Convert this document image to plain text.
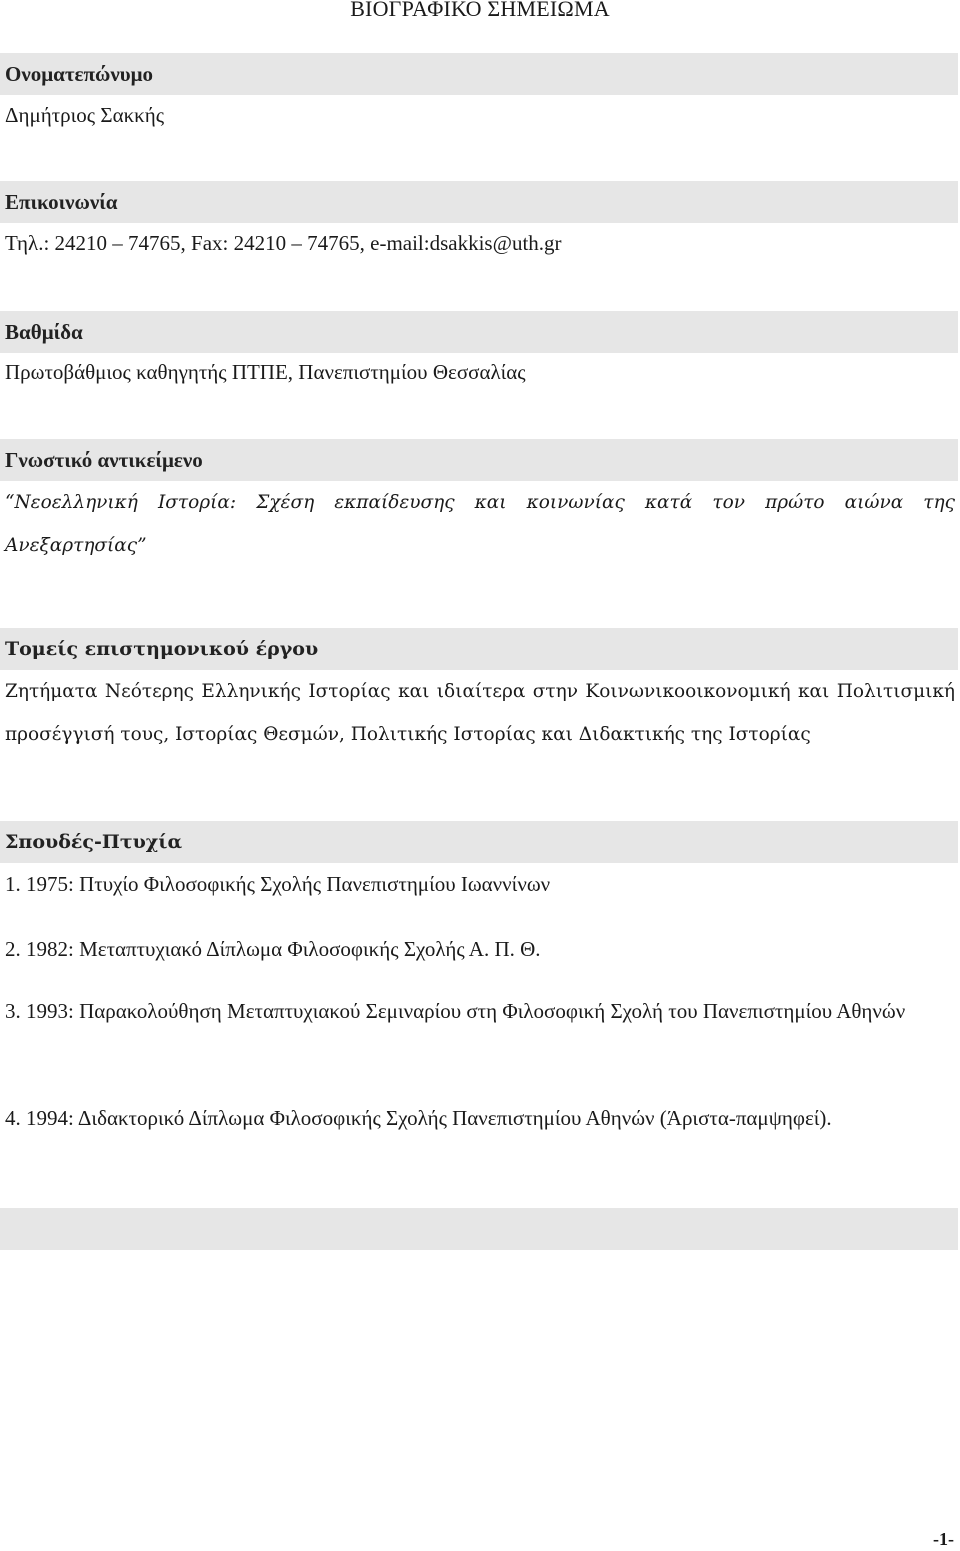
ΒΙΟΓΡΑΦΙΚΟ ΣΗΜΕΙΩΜΑ
Ονοματεπώνυμο
Δημήτριος Σακκής
Επικοινωνία
Τηλ.: 24210 – 74765, Fax: 24210 – 74765, e-mail:dsakkis@uth.gr
Βαθμίδα
Πρωτοβάθμιος καθηγητής ΠΤΠΕ, Πανεπιστημίου Θεσσαλίας
Γνωστικό αντικείμενο
“Νεοελληνική Ιστορία: Σχέση εκπαίδευσης και κοινωνίας κατά τον πρώτο αιώνα της Ανεξαρτησίας”
Τομείς επιστημονικού έργου
Ζητήματα Νεότερης Ελληνικής Ιστορίας και ιδιαίτερα στην Κοινωνικοοικονομική και Πολιτισμική προσέγγισή τους, Ιστορίας Θεσμών, Πολιτικής Ιστορίας και Διδακτικής της Ιστορίας
Σπουδές-Πτυχία
1. 1975: Πτυχίο Φιλοσοφικής Σχολής Πανεπιστημίου Ιωαννίνων
2. 1982: Μεταπτυχιακό Δίπλωμα Φιλοσοφικής Σχολής Α. Π. Θ.
3. 1993: Παρακολούθηση Μεταπτυχιακού Σεμιναρίου στη Φιλοσοφική Σχολή του Πανεπιστημίου Αθηνών
4. 1994: Διδακτορικό Δίπλωμα Φιλοσοφικής Σχολής Πανεπιστημίου Αθηνών (Άριστα-παμψηφεί).
-1-
